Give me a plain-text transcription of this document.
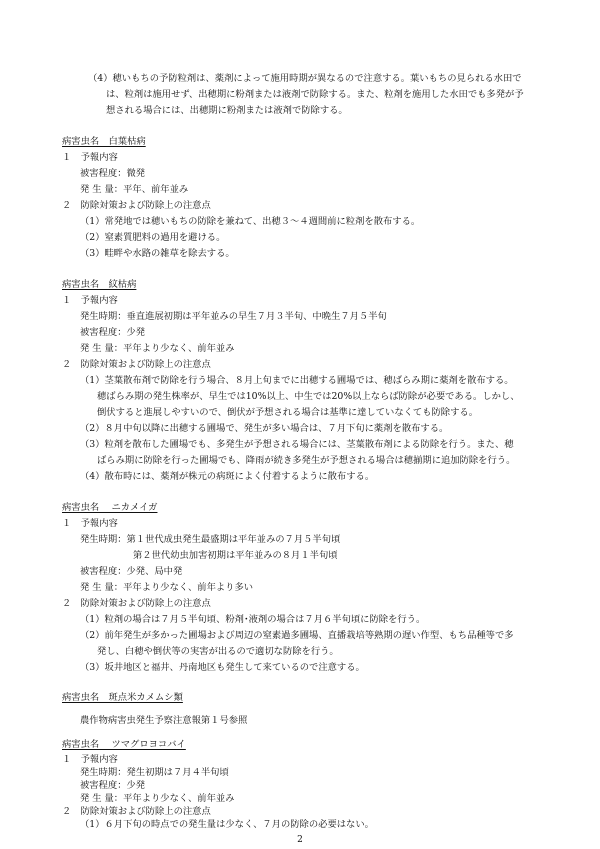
（4）穂いもちの予防粒剤は、薬剤によって施用時期が異なるので注意する。葉いもちの見られる水田で
は、粒剤は施用せず、出穂期に粉剤または液剤で防除する。また、粒剤を施用した水田でも多発が予
想される場合には、出穂期に粉剤または液剤で防除する。
病害虫名　白葉枯病
１　予報内容
被害程度：微発
発 生 量：平年、前年並み
２　防除対策および防除上の注意点
（1）常発地では穂いもちの防除を兼ねて、出穂３～４週間前に粒剤を散布する。
（2）窒素質肥料の過用を避ける。
（3）畦畔や水路の雑草を除去する。
病害虫名　紋枯病
１　予報内容
発生時期：垂直進展初期は平年並みの早生７月３半旬、中晩生７月５半旬
被害程度：少発
発 生 量：平年より少なく、前年並み
２　防除対策および防除上の注意点
（1）茎葉散布剤で防除を行う場合、８月上旬までに出穂する圃場では、穂ばらみ期に薬剤を散布する。
穂ばらみ期の発生株率が、早生では10%以上、中生では20%以上ならば防除が必要である。しかし、
倒伏すると進展しやすいので、倒伏が予想される場合は基準に達していなくても防除する。
（2）８月中旬以降に出穂する圃場で、発生が多い場合は、７月下旬に薬剤を散布する。
（3）粒剤を散布した圃場でも、多発生が予想される場合には、茎葉散布剤による防除を行う。また、穂
ばらみ期に防除を行った圃場でも、降雨が続き多発生が予想される場合は穂揃期に追加防除を行う。
（4）散布時には、薬剤が株元の病斑によく付着するように散布する。
病害虫名　 ニカメイガ
１　予報内容
発生時期：第１世代成虫発生最盛期は平年並みの７月５半旬頃
第２世代幼虫加害初期は平年並みの８月１半旬頃
被害程度：少発、局中発
発 生 量：平年より少なく、前年より多い
２　防除対策および防除上の注意点
（1）粒剤の場合は７月５半旬頃、粉剤･液剤の場合は７月６半旬頃に防除を行う。
（2）前年発生が多かった圃場および周辺の窒素過多圃場、直播栽培等熟期の遅い作型、もち品種等で多
発し、白穂や倒伏等の実害が出るので適切な防除を行う。
（3）坂井地区と福井、丹南地区も発生して来ているので注意する。
病害虫名　斑点米カメムシ類
農作物病害虫発生予察注意報第１号参照
病害虫名　 ツマグロヨコバイ
１　予報内容
発生時期：発生初期は７月４半旬頃
被害程度：少発
発 生 量：平年より少なく、前年並み
２　防除対策および防除上の注意点
（1）６月下旬の時点での発生量は少なく、７月の防除の必要はない。
2
